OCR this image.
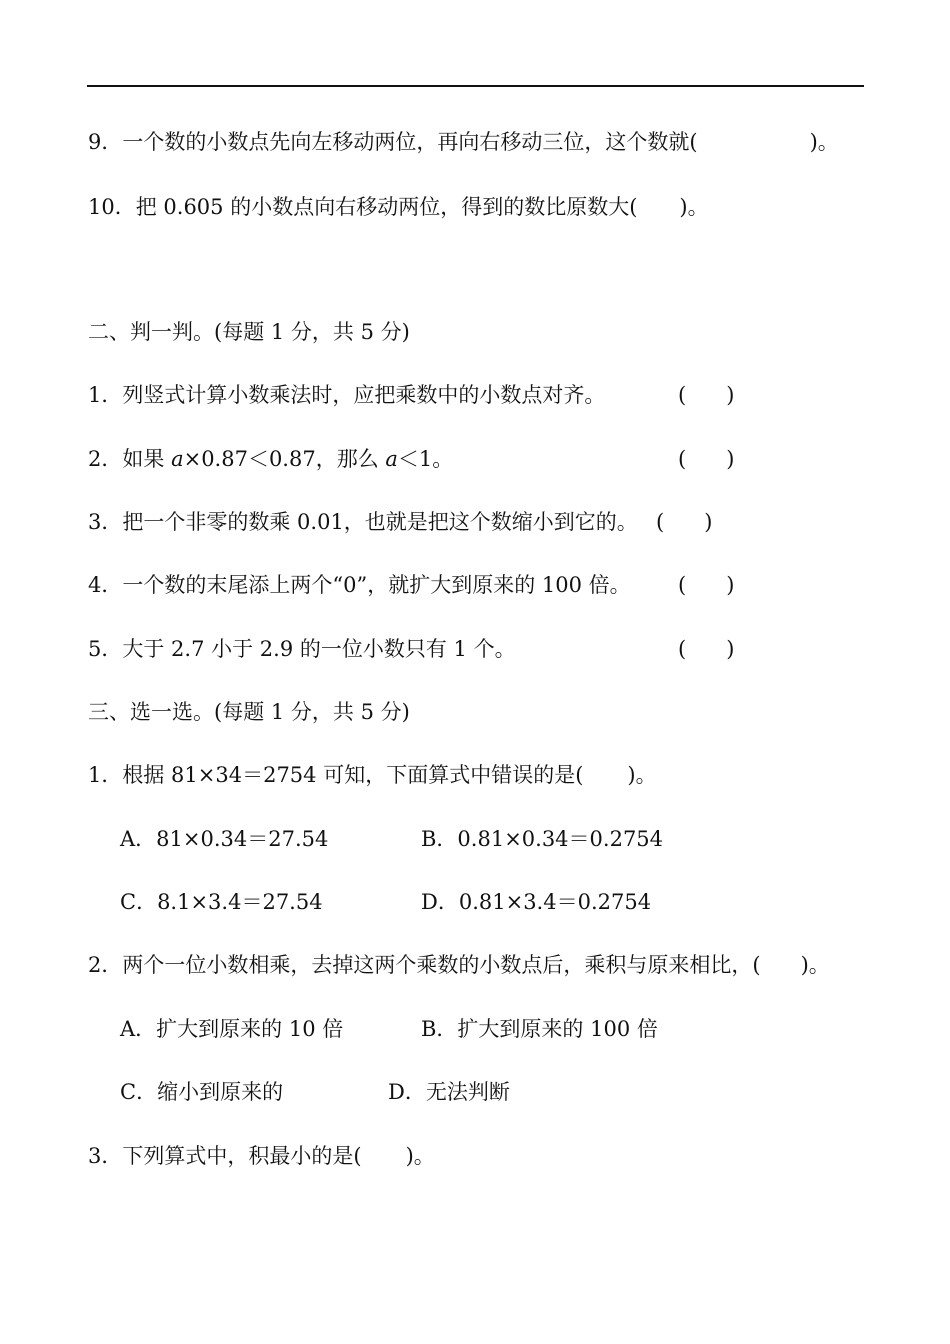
9．一个数的小数点先向左移动两位，再向右移动三位，这个数就(	)。
10．把 0.605 的小数点向右移动两位，得到的数比原数大( )。
二、判一判。(每题 1 分，共 5 分)
1．列竖式计算小数乘法时，应把乘数中的小数点对齐。	(      )
2．如果 a×0.87＜0.87，那么 a＜1。	(      )
3．把一个非零的数乘 0.01，也就是把这个数缩小到它的。 (      )
4．一个数的末尾添上两个“0”，就扩大到原来的 100 倍。 (      )
5．大于 2.7 小于 2.9 的一位小数只有 1 个。	(      )
三、选一选。(每题 1 分，共 5 分)
1．根据 81×34＝2754 可知，下面算式中错误的是( )。
A．81×0.34＝27.54	B．0.81×0.34＝0.2754
C．8.1×3.4＝27.54	D．0.81×3.4＝0.2754
2．两个一位小数相乘，去掉这两个乘数的小数点后，乘积与原来相比，( )。
A．扩大到原来的 10 倍	B．扩大到原来的 100 倍
C．缩小到原来的	D．无法判断
3．下列算式中，积最小的是( )。
